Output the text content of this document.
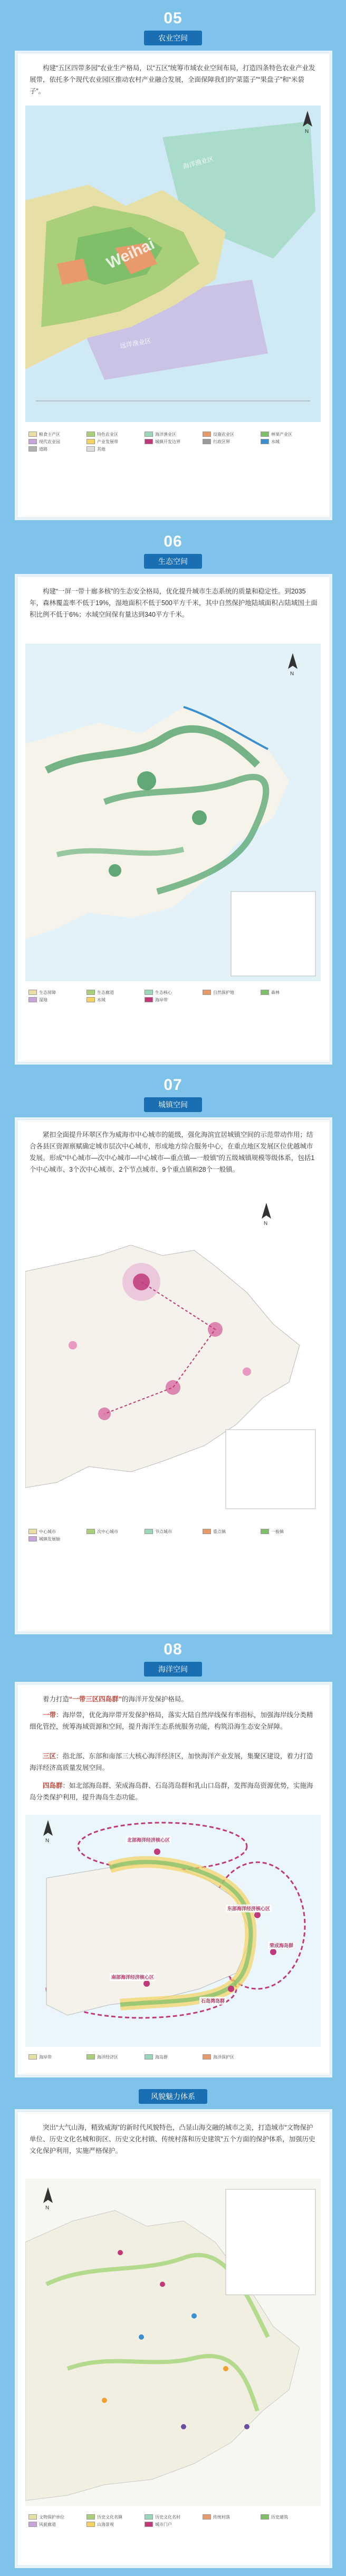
05
农业空间
构建“五区四带多园”农业生产格局，以“五区”统筹市域农业空间布局，打造四条特色农业产业发展带，依托多个现代农业园区推动农村产业融合发展，全面保障我们的“菜篮子”“果盘子”和“米袋子”。
海洋渔业区
远洋渔业区
Weihai
N
粮食主产区	特色农业区	海洋渔业区	设施农业区	林果产业区
现代农业园	产业发展带	城镇开发边界	行政区界	水域
道路	其他
06
生态空间
构建“一屏一带十廊多核”的生态安全格局，优化提升城市生态系统的质量和稳定性。到2035年，森林覆盖率不低于19%，湿地面积不低于500平方千米，其中自然保护地陆域面积占陆域国土面积比例不低于6%；水域空间保有量达到340平方千米。
N
生态屏障	生态廊道	生态核心	自然保护地	森林
湿地	水域	海岸带
07
城镇空间
紧扣全面提升环翠区作为威海市中心城市的能级，强化海滨宜居城镇空间的示范带动作用；结合各县区资源禀赋确定城市层次中心城市，形成地方综合服务中心，在重点地区发展区位优越城市发展。形成“中心城市—次中心城市—中心城市—重点镇—一般镇”的五级城镇规模等级体系，包括1个中心城市、3个次中心城市、2个节点城市、9个重点镇和28个一般镇。
N
中心城市	次中心城市	节点城市	重点镇	一般镇
城镇发展轴
08
海洋空间
着力打造“一带三区四岛群”的海洋开发保护格局。
一带：海岸带，优化海岸带开发保护格局，落实大陆自然岸线保有率指标，加强海岸线分类精细化管控，统筹海域资源和空间，提升海洋生态系统服务功能，构筑沿海生态安全屏障。
三区：指北部、东部和南部三大核心海洋经济区，加快海洋产业发展，集聚区建设，着力打造海洋经济高质量发展空间。
四岛群：如北部海岛群、荣成海岛群、石岛湾岛群和乳山口岛群，发挥海岛资源优势，实施海岛分类保护利用，提升海岛生态功能。
北部海洋经济核心区
东部海洋经济核心区
南部海洋经济核心区
荣成海岛群
石岛湾岛群
N
海岸带	海洋经济区	海岛群	海洋保护区
风貌魅力体系
突出“大气山海，精致威海”的新时代风貌特色，凸显山海交融的城市之美，打造城市“文物保护单位、历史文化名城和街区、历史文化村镇、传统村落和历史建筑”五个方面的保护体系，加强历史文化保护利用，实施严格保护。
N
文物保护单位	历史文化名镇	历史文化名村	传统村落	历史建筑
风貌廊道	山海景观	城市门户
